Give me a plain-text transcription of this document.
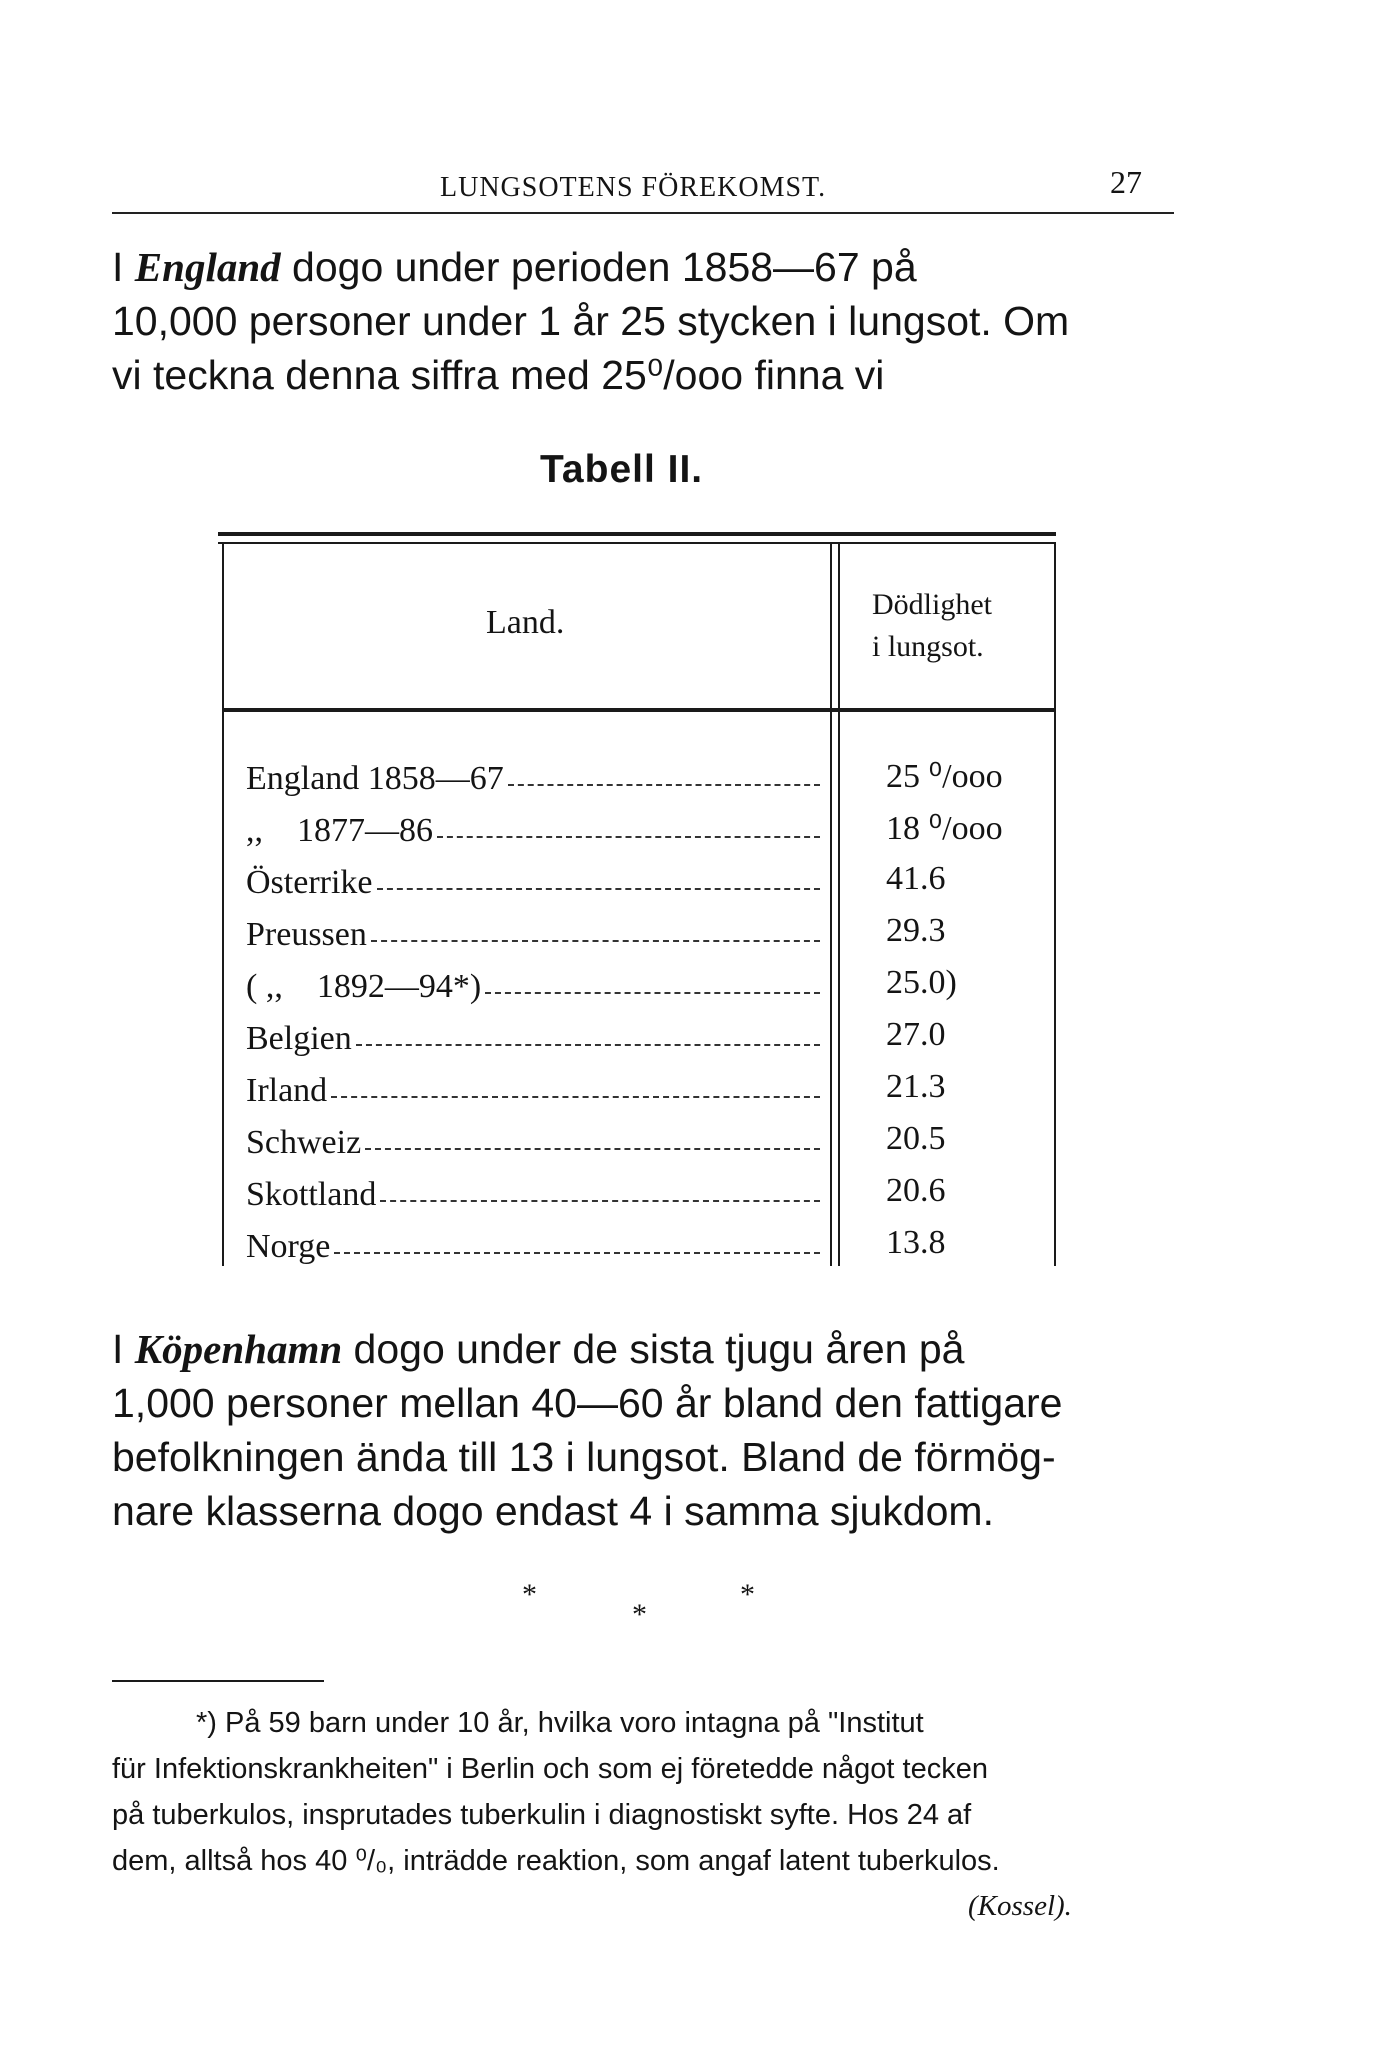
LUNGSOTENS FÖREKOMST.	27
I England dogo under perioden 1858—67 på
10,000 personer under 1 år 25 stycken i lungsot. Om
vi teckna denna siffra med 25⁰/ooo finna vi
Tabell II.
Land.	Dödlighet
i lungsot.
England 1858—67	25 ⁰/ooo
,,    1877—86	18 ⁰/ooo
Österrike	41.6
Preussen	29.3
( ,,    1892—94*)	25.0)
Belgien	27.0
Irland	21.3
Schweiz	20.5
Skottland	20.6
Norge	13.8
I Köpenhamn dogo under de sista tjugu åren på
1,000 personer mellan 40—60 år bland den fattigare
befolkningen ända till 13 i lungsot. Bland de förmög-
nare klasserna dogo endast 4 i samma sjukdom.
*
*
*
*) På 59 barn under 10 år, hvilka voro intagna på "Institut
für Infektionskrankheiten" i Berlin och som ej företedde något tecken
på tuberkulos, insprutades tuberkulin i diagnostiskt syfte. Hos 24 af
dem, alltså hos 40 ⁰/₀, inträdde reaktion, som angaf latent tuberkulos.
(Kossel).
